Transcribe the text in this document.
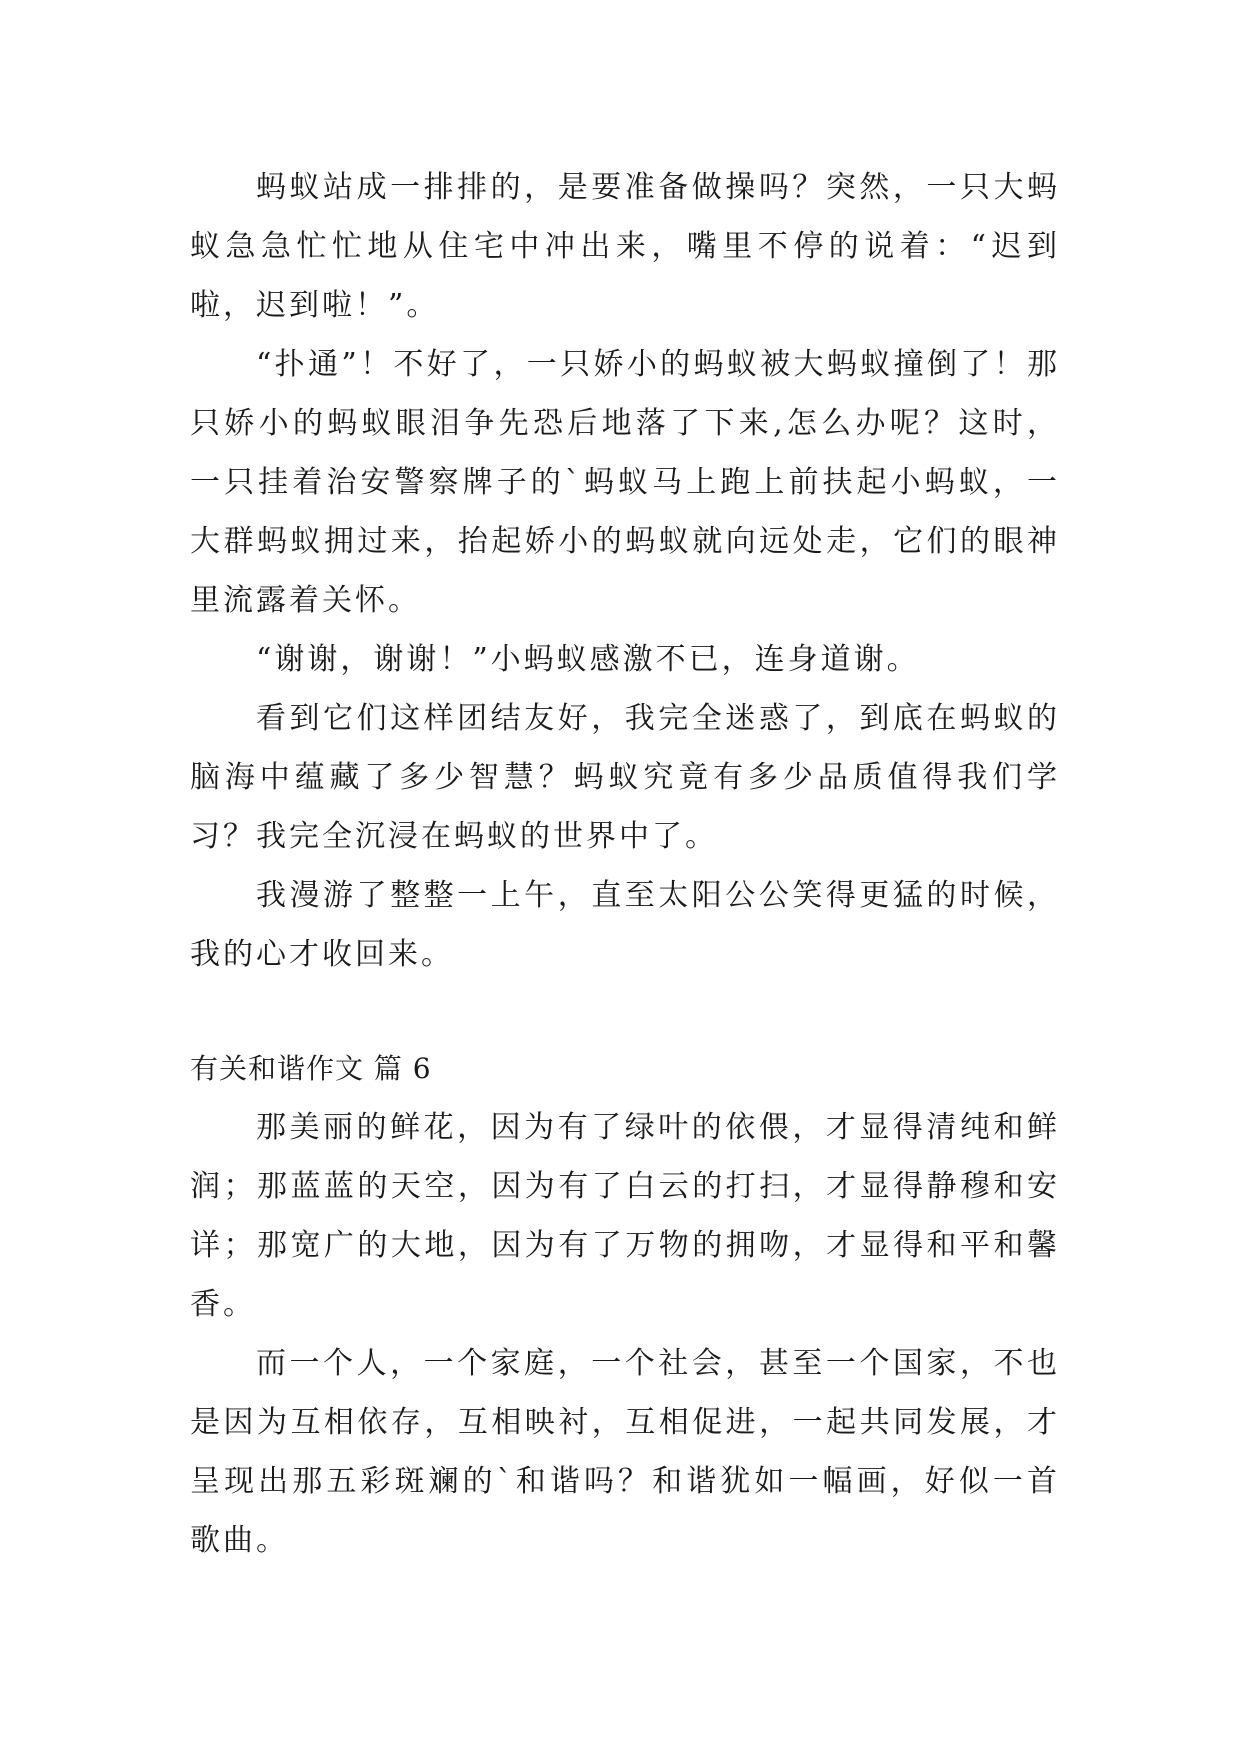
蚂蚁站成一排排的，是要准备做操吗？突然，一只大蚂蚁急急忙忙地从住宅中冲出来，嘴里不停的说着：“迟到啦，迟到啦！”。

“扑通”！不好了，一只娇小的蚂蚁被大蚂蚁撞倒了！那只娇小的蚂蚁眼泪争先恐后地落了下来,怎么办呢？这时，一只挂着治安警察牌子的`蚂蚁马上跑上前扶起小蚂蚁，一大群蚂蚁拥过来，抬起娇小的蚂蚁就向远处走，它们的眼神里流露着关怀。

“谢谢，谢谢！”小蚂蚁感激不已，连身道谢。

看到它们这样团结友好，我完全迷惑了，到底在蚂蚁的脑海中蕴藏了多少智慧？蚂蚁究竟有多少品质值得我们学习？我完全沉浸在蚂蚁的世界中了。

我漫游了整整一上午，直至太阳公公笑得更猛的时候，我的心才收回来。

有关和谐作文 篇 6

那美丽的鲜花，因为有了绿叶的依偎，才显得清纯和鲜润；那蓝蓝的天空，因为有了白云的打扫，才显得静穆和安详；那宽广的大地，因为有了万物的拥吻，才显得和平和馨香。

而一个人，一个家庭，一个社会，甚至一个国家，不也是因为互相依存，互相映衬，互相促进，一起共同发展，才呈现出那五彩斑斓的`和谐吗？和谐犹如一幅画，好似一首歌曲。
